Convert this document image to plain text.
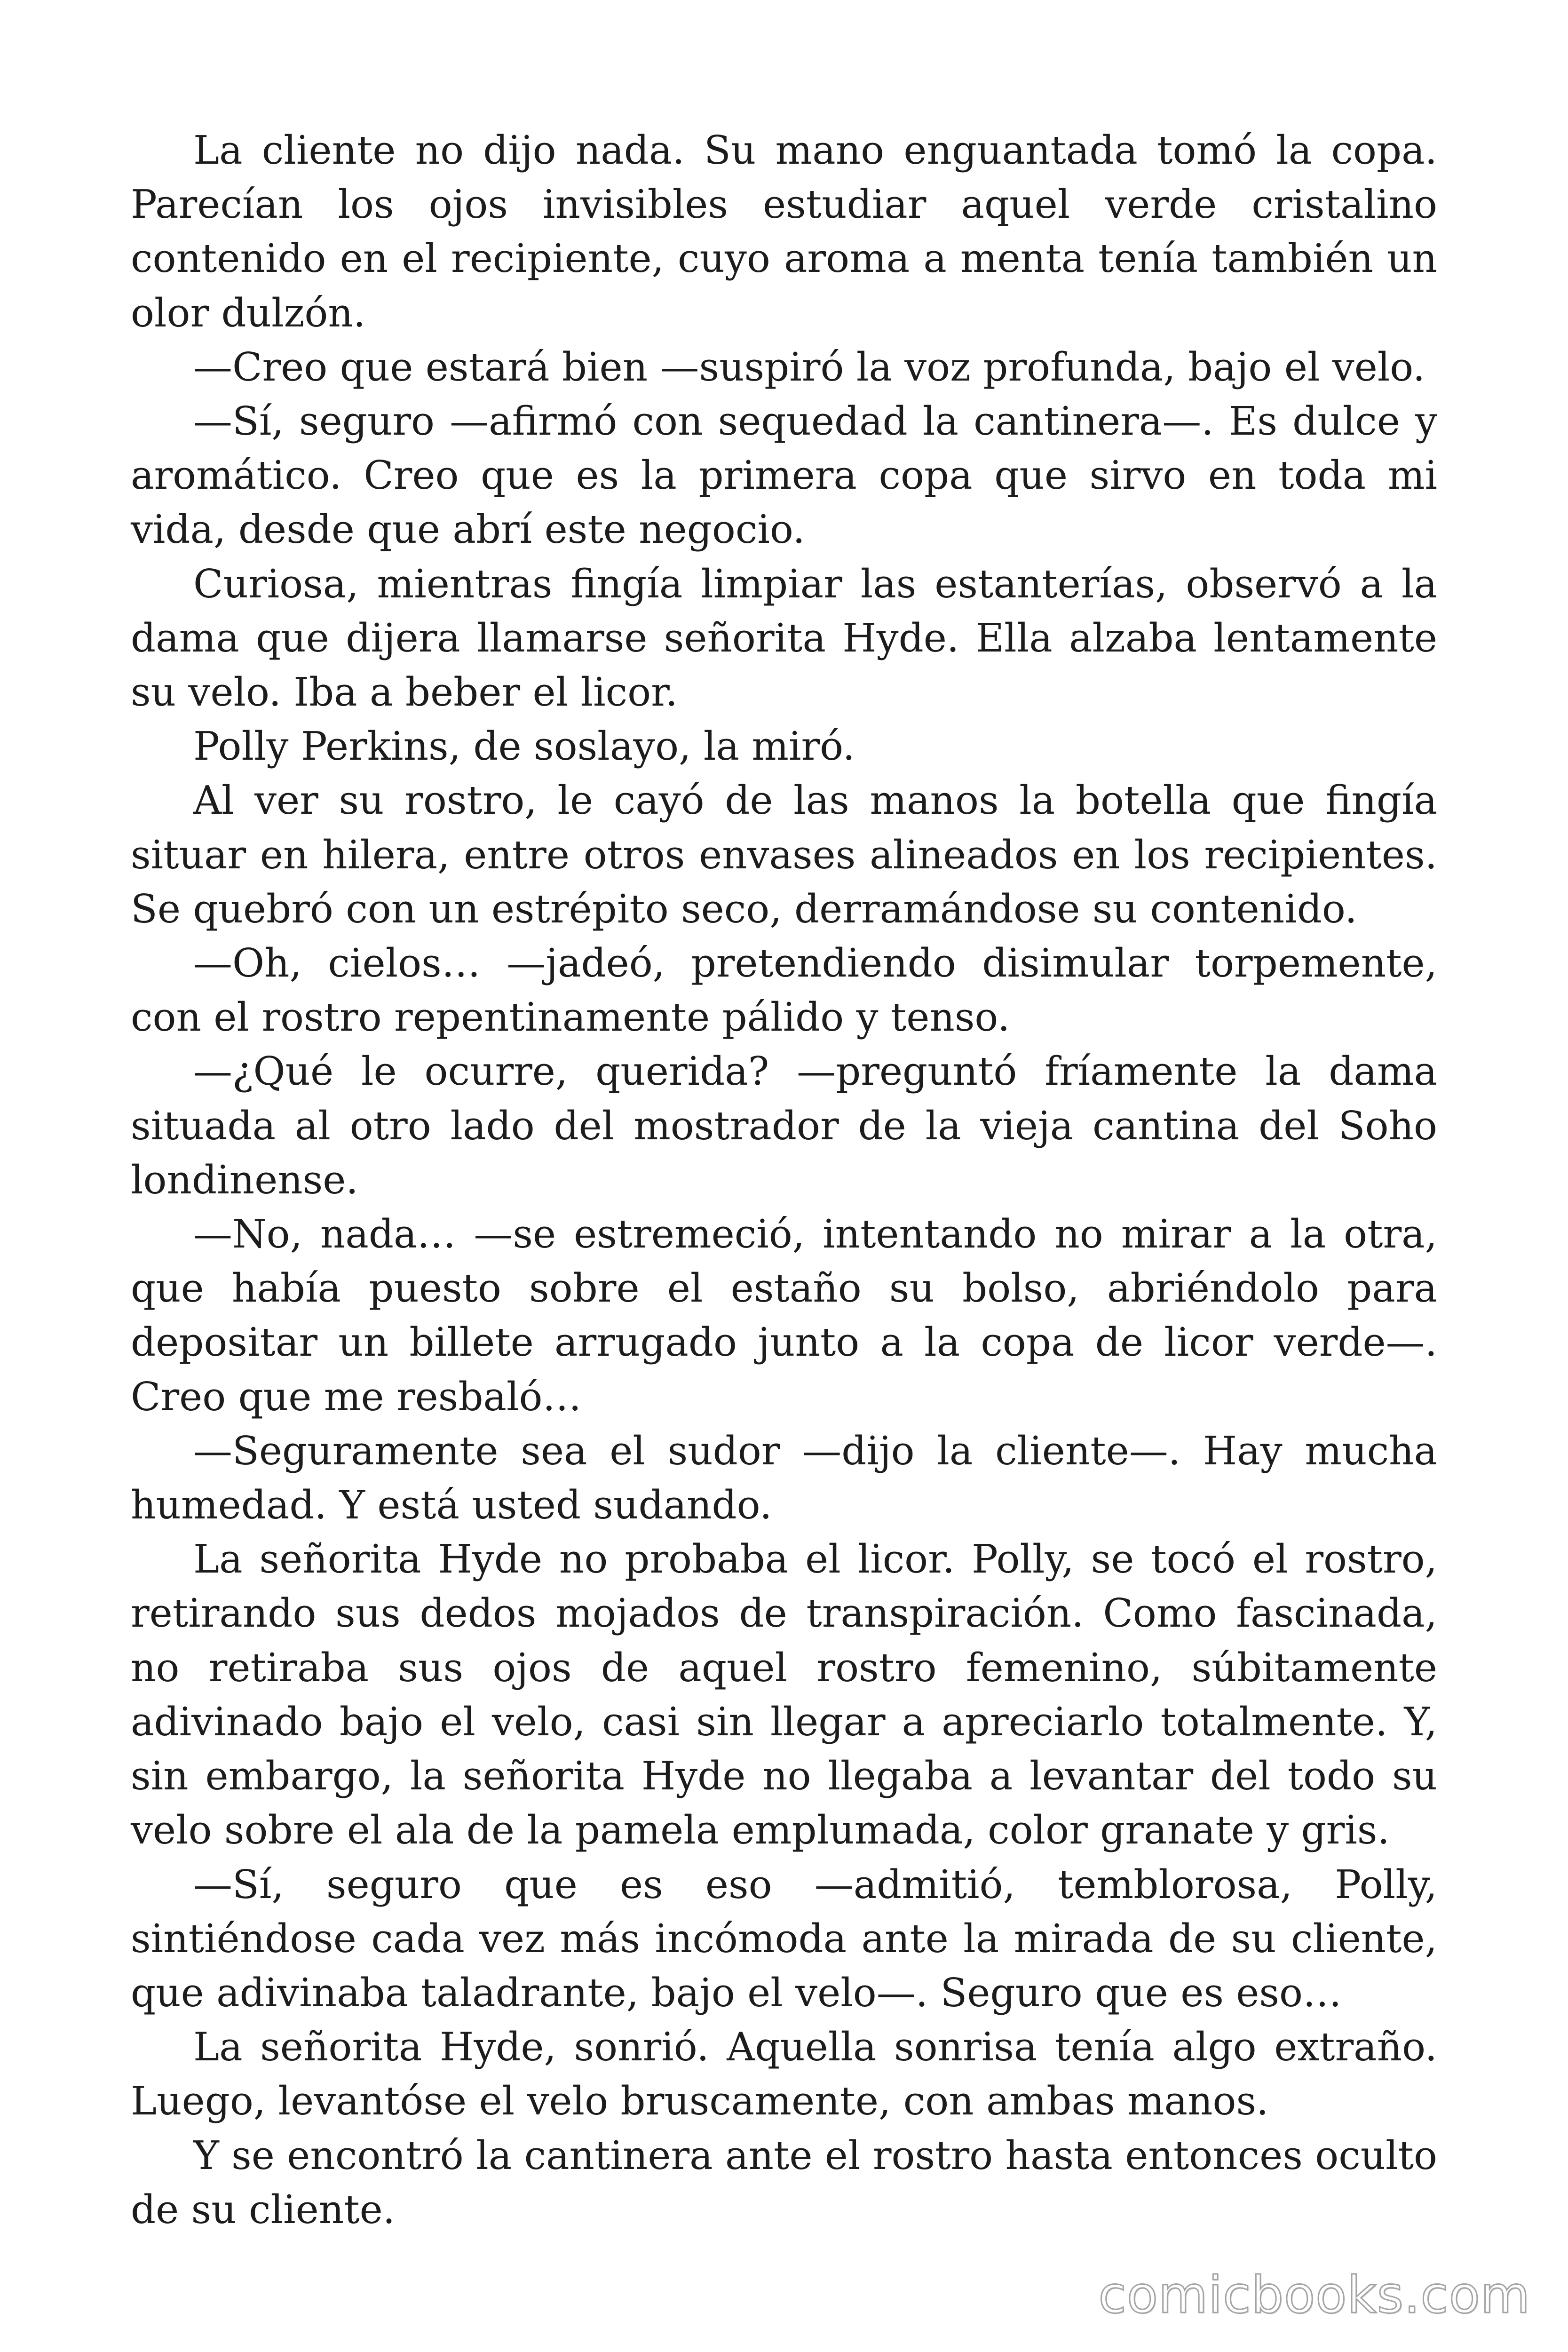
La cliente no dijo nada. Su mano enguantada tomó la copa. Parecían los ojos invisibles estudiar aquel verde cristalino contenido en el recipiente, cuyo aroma a menta tenía también un olor dulzón.

—Creo que estará bien —suspiró la voz profunda, bajo el velo.

—Sí, seguro —afirmó con sequedad la cantinera—. Es dulce y aromático. Creo que es la primera copa que sirvo en toda mi vida, desde que abrí este negocio.

Curiosa, mientras fingía limpiar las estanterías, observó a la dama que dijera llamarse señorita Hyde. Ella alzaba lentamente su velo. Iba a beber el licor.

Polly Perkins, de soslayo, la miró.

Al ver su rostro, le cayó de las manos la botella que fingía situar en hilera, entre otros envases alineados en los recipientes. Se quebró con un estrépito seco, derramándose su contenido.

—Oh, cielos… —jadeó, pretendiendo disimular torpemente, con el rostro repentinamente pálido y tenso.

—¿Qué le ocurre, querida? —preguntó fríamente la dama situada al otro lado del mostrador de la vieja cantina del Soho londinense.

—No, nada… —se estremeció, intentando no mirar a la otra, que había puesto sobre el estaño su bolso, abriéndolo para depositar un billete arrugado junto a la copa de licor verde—. Creo que me resbaló…

—Seguramente sea el sudor —dijo la cliente—. Hay mucha humedad. Y está usted sudando.

La señorita Hyde no probaba el licor. Polly, se tocó el rostro, retirando sus dedos mojados de transpiración. Como fascinada, no retiraba sus ojos de aquel rostro femenino, súbitamente adivinado bajo el velo, casi sin llegar a apreciarlo totalmente. Y, sin embargo, la señorita Hyde no llegaba a levantar del todo su velo sobre el ala de la pamela emplumada, color granate y gris.

—Sí, seguro que es eso —admitió, temblorosa, Polly, sintiéndose cada vez más incómoda ante la mirada de su cliente, que adivinaba taladrante, bajo el velo—. Seguro que es eso…

La señorita Hyde, sonrió. Aquella sonrisa tenía algo extraño. Luego, levantóse el velo bruscamente, con ambas manos.

Y se encontró la cantinera ante el rostro hasta entonces oculto de su cliente.

comicbooks.com
